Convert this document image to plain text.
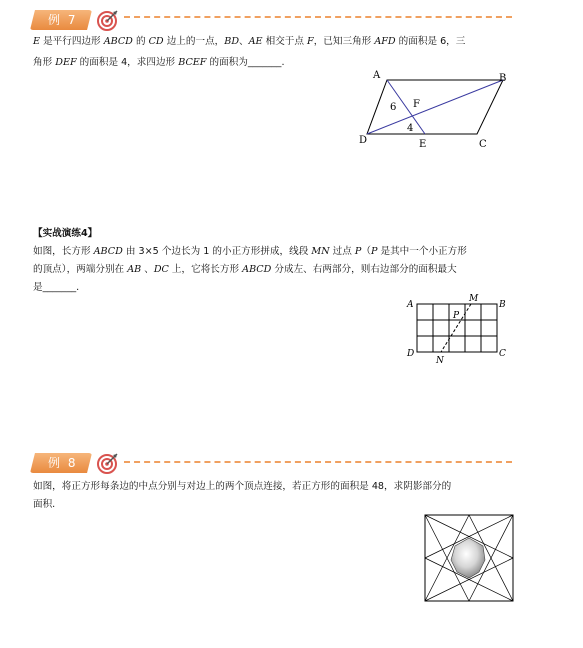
例 7
E 是平行四边形 ABCD 的 CD 边上的一点，BD、AE 相交于点 F，已知三角形 AFD 的面积是 6，三
角形 DEF 的面积是 4，求四边形 BCEF 的面积为_______.
A	B
C
D	E
F
6
4
【实战演练4】
如图，长方形 ABCD 由 3×5 个边长为 1 的小正方形拼成，线段 MN 过点 P（P 是其中一个小正方形
的顶点），两端分别在 AB 、DC 上，它将长方形 ABCD 分成左、右两部分，则右边部分的面积最大
是_______.
A	B
C
D
M
N
P
例 8
如图，将正方形每条边的中点分别与对边上的两个顶点连接，若正方形的面积是 48，求阴影部分的
面积.
